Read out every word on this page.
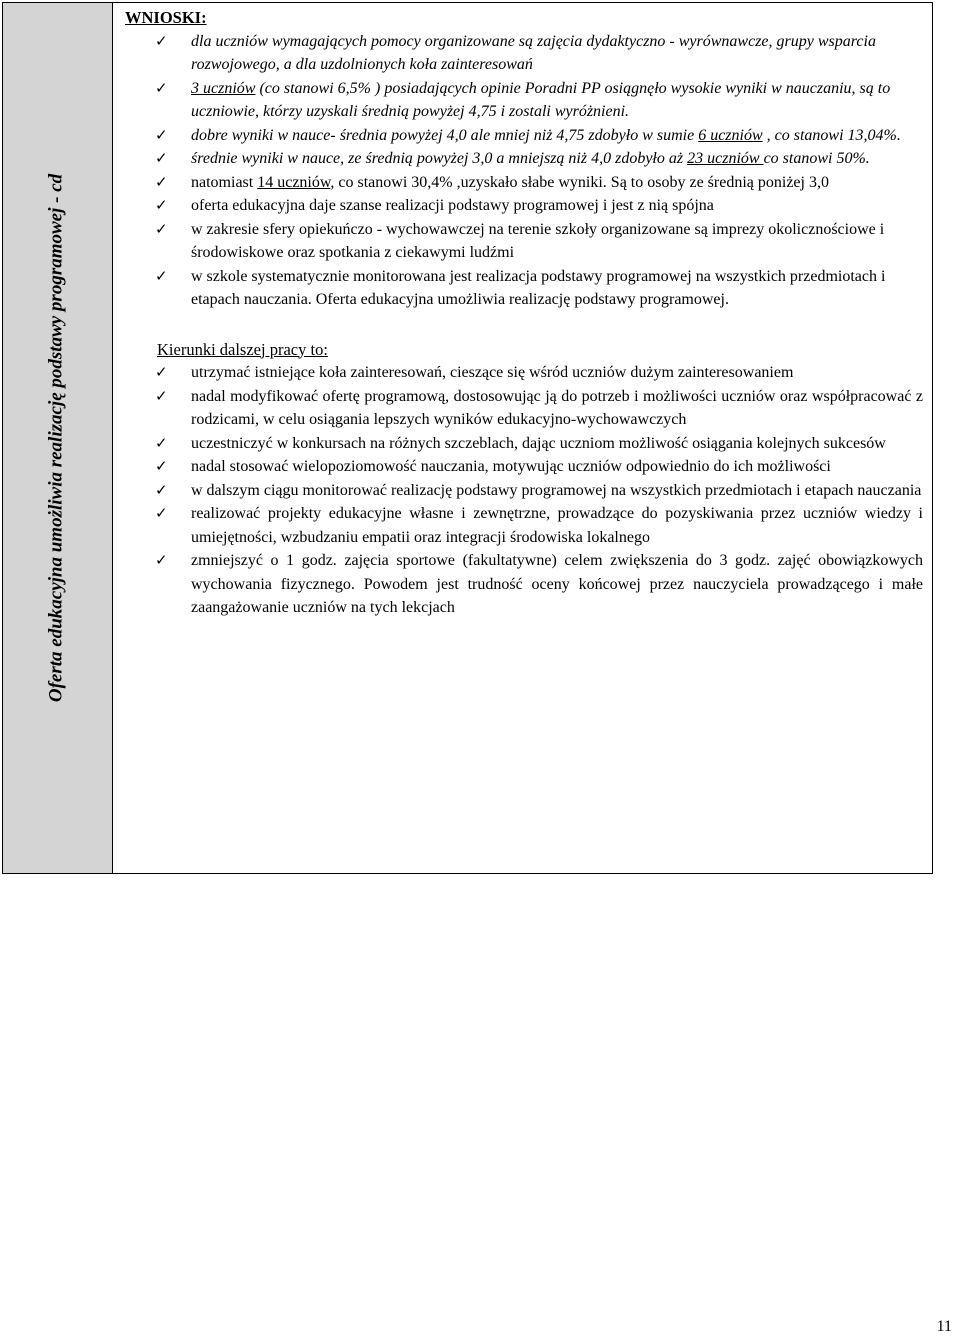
Oferta edukacyjna umożliwia realizację podstawy programowej - cd
WNIOSKI:
✓ dla uczniów wymagających pomocy organizowane są zajęcia dydaktyczno - wyrównawcze, grupy wsparcia rozwojowego, a dla uzdolnionych koła zainteresowań
✓ 3 uczniów (co stanowi 6,5% ) posiadających opinie Poradni PP osiągnęło wysokie wyniki w nauczaniu, są to uczniowie, którzy uzyskali średnią powyżej 4,75 i zostali wyróżnieni.
✓ dobre wyniki w nauce- średnia powyżej 4,0 ale mniej niż 4,75 zdobyło w sumie 6 uczniów , co stanowi 13,04%.
✓ średnie wyniki w nauce, ze średnią powyżej 3,0 a mniejszą niż 4,0 zdobyło aż 23 uczniów co stanowi 50%.
✓ natomiast 14 uczniów, co stanowi 30,4% ,uzyskało słabe wyniki. Są to osoby ze średnią poniżej 3,0
✓ oferta edukacyjna daje szanse realizacji podstawy programowej i jest z nią spójna
✓ w zakresie sfery opiekuńczo - wychowawczej na terenie szkoły organizowane są imprezy okolicznościowe i środowiskowe oraz spotkania z ciekawymi ludźmi
✓ w szkole systematycznie monitorowana jest realizacja podstawy programowej na wszystkich przedmiotach i etapach nauczania. Oferta edukacyjna umożliwia realizację podstawy programowej.
Kierunki dalszej pracy to:
✓ utrzymać istniejące koła zainteresowań, cieszące się wśród uczniów dużym zainteresowaniem
✓ nadal modyfikować ofertę programową, dostosowując ją do potrzeb i możliwości uczniów oraz współpracować z rodzicami, w celu osiągania lepszych wyników edukacyjno-wychowawczych
✓ uczestniczyć w konkursach na różnych szczeblach, dając uczniom możliwość osiągania kolejnych sukcesów
✓ nadal stosować wielopoziomowość nauczania, motywując uczniów odpowiednio do ich możliwości
✓ w dalszym ciągu monitorować realizację podstawy programowej na wszystkich przedmiotach i etapach nauczania
✓ realizować projekty edukacyjne własne i zewnętrzne, prowadzące do pozyskiwania przez uczniów wiedzy i umiejętności, wzbudzaniu empatii oraz integracji środowiska lokalnego
✓ zmniejszyć o 1 godz. zajęcia sportowe (fakultatywne) celem zwiększenia do 3 godz. zajęć obowiązkowych wychowania fizycznego. Powodem jest trudność oceny końcowej przez nauczyciela prowadzącego i małe zaangażowanie uczniów na tych lekcjach
11
